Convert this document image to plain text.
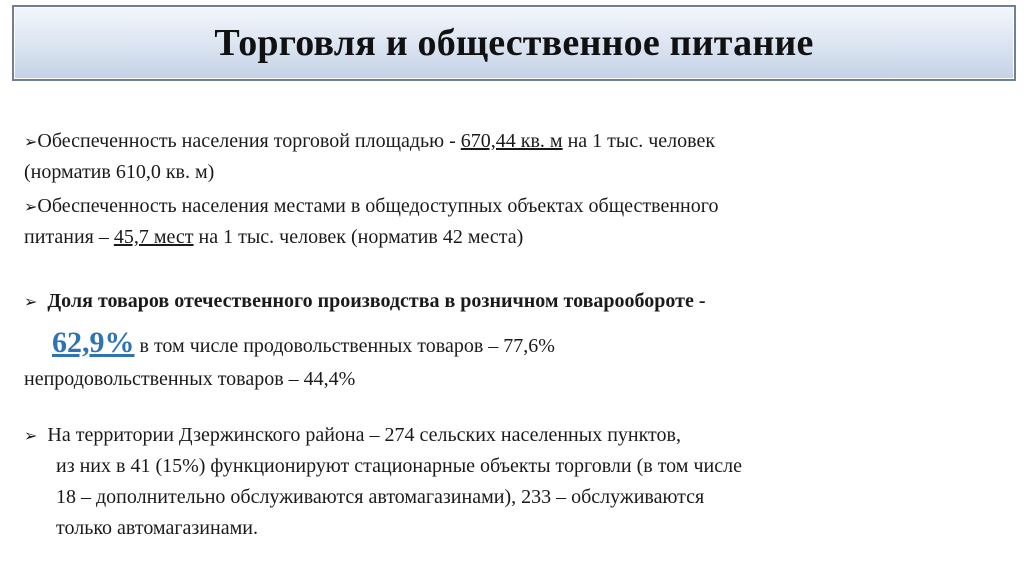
Торговля и общественное питание
➢Обеспеченность населения торговой площадью - 670,44 кв. м на 1 тыс. человек
(норматив 610,0 кв. м)
➢Обеспеченность населения местами в общедоступных объектах общественного
питания – 45,7 мест на 1 тыс. человек (норматив 42 места)
➢ Доля товаров отечественного производства в розничном товарообороте -
62,9% в том числе продовольственных товаров – 77,6%
непродовольственных товаров – 44,4%
➢ На территории Дзержинского района – 274 сельских населенных пунктов,
из них в 41 (15%) функционируют стационарные объекты торговли (в том числе
18 – дополнительно обслуживаются автомагазинами), 233 – обслуживаются
только автомагазинами.
